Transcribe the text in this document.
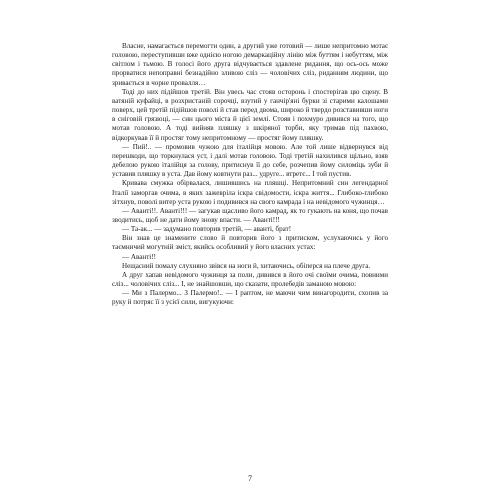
Власне, намагається перемогти один, а другий уже готовий — лише непритомно мотає головою, переступивши вже однією ногою демаркаційну лінію між буттям і небуттям, між світлом і тьмою. В голосі його друга відчувається здавлене ридання, що ось-ось може прорватися непоправні безнадійно зливою сліз — чоловічих сліз, риданням людини, що зривається в чорне провалля…

Тоді до них підійшов третій. Він увесь час стояв осторонь і спостерігав цю сцену. В ватяній куфайці, в розхристаній сорочці, взутий у ганчір'яні бурки зі старими калошами поверх, цей третій підійшов поволі й став перед двома, широко й твердо розставивши ноги в сніговій грязюці, — син цього міста й цієї землі. Стояв і похмуро дивився на того, що мотав головою. А тоді вийняв пляшку з шкіряної торби, яку тримав під пахвою, відкоркував її й простяг тому непритомному — простяг йому пляшку.

— Пий!.. — промовив чужою для італійця мовою. Але той лише відвернувся від перешкоди, що торкнулася уст, і далі мотав головою. Тоді третій нахилився щільно, взяв дебелою рукою італійця за голову, притиснув її до себе, розчепив йому силоміць зуби й уставив пляшку в уста. Дав йому ковтнути раз... удруге... втретє... І той пустив.

Кривава смужка обірвалася, лишившись на пляшці. Непритомний син легендарної Італії заморгав очима, в яких зажевріла іскра свідомости, іскра життя... Глибоко-глибоко зітхнув, поволі витер уста рукою і подивився на свого камрада і на невідомого чужинця…

— Аванті!!. Аванті!!! — загукав щасливо його камрад, як то гукають на коня, що почав зводитись, щоб не дати йому знову впасти. — Аванті!!!

— Та-ак... — задумано повторив третій, — аванті, брат!

Він знав це знамените слово й повторив його з притиском, услухаючись у його таємничий могутній зміст, якийсь особливий у його власних устах:

— Аванті!!

Нещасний помалу слухняно звівся на ноги й, хитаючись, обіперся на плече друга.

А друг хапав невідомого чужинця за поли, дивився в його очі своїми очима, повними сліз... чоловічих сліз... І, не знайшовши, що сказати, пролебедів заманою мовою:

— Ми з Палермо... З Палермо!.. — І раптом, не маючи чим винагородити, схопив за руку й потряс її з усієї сили, вигукуючи:

7
